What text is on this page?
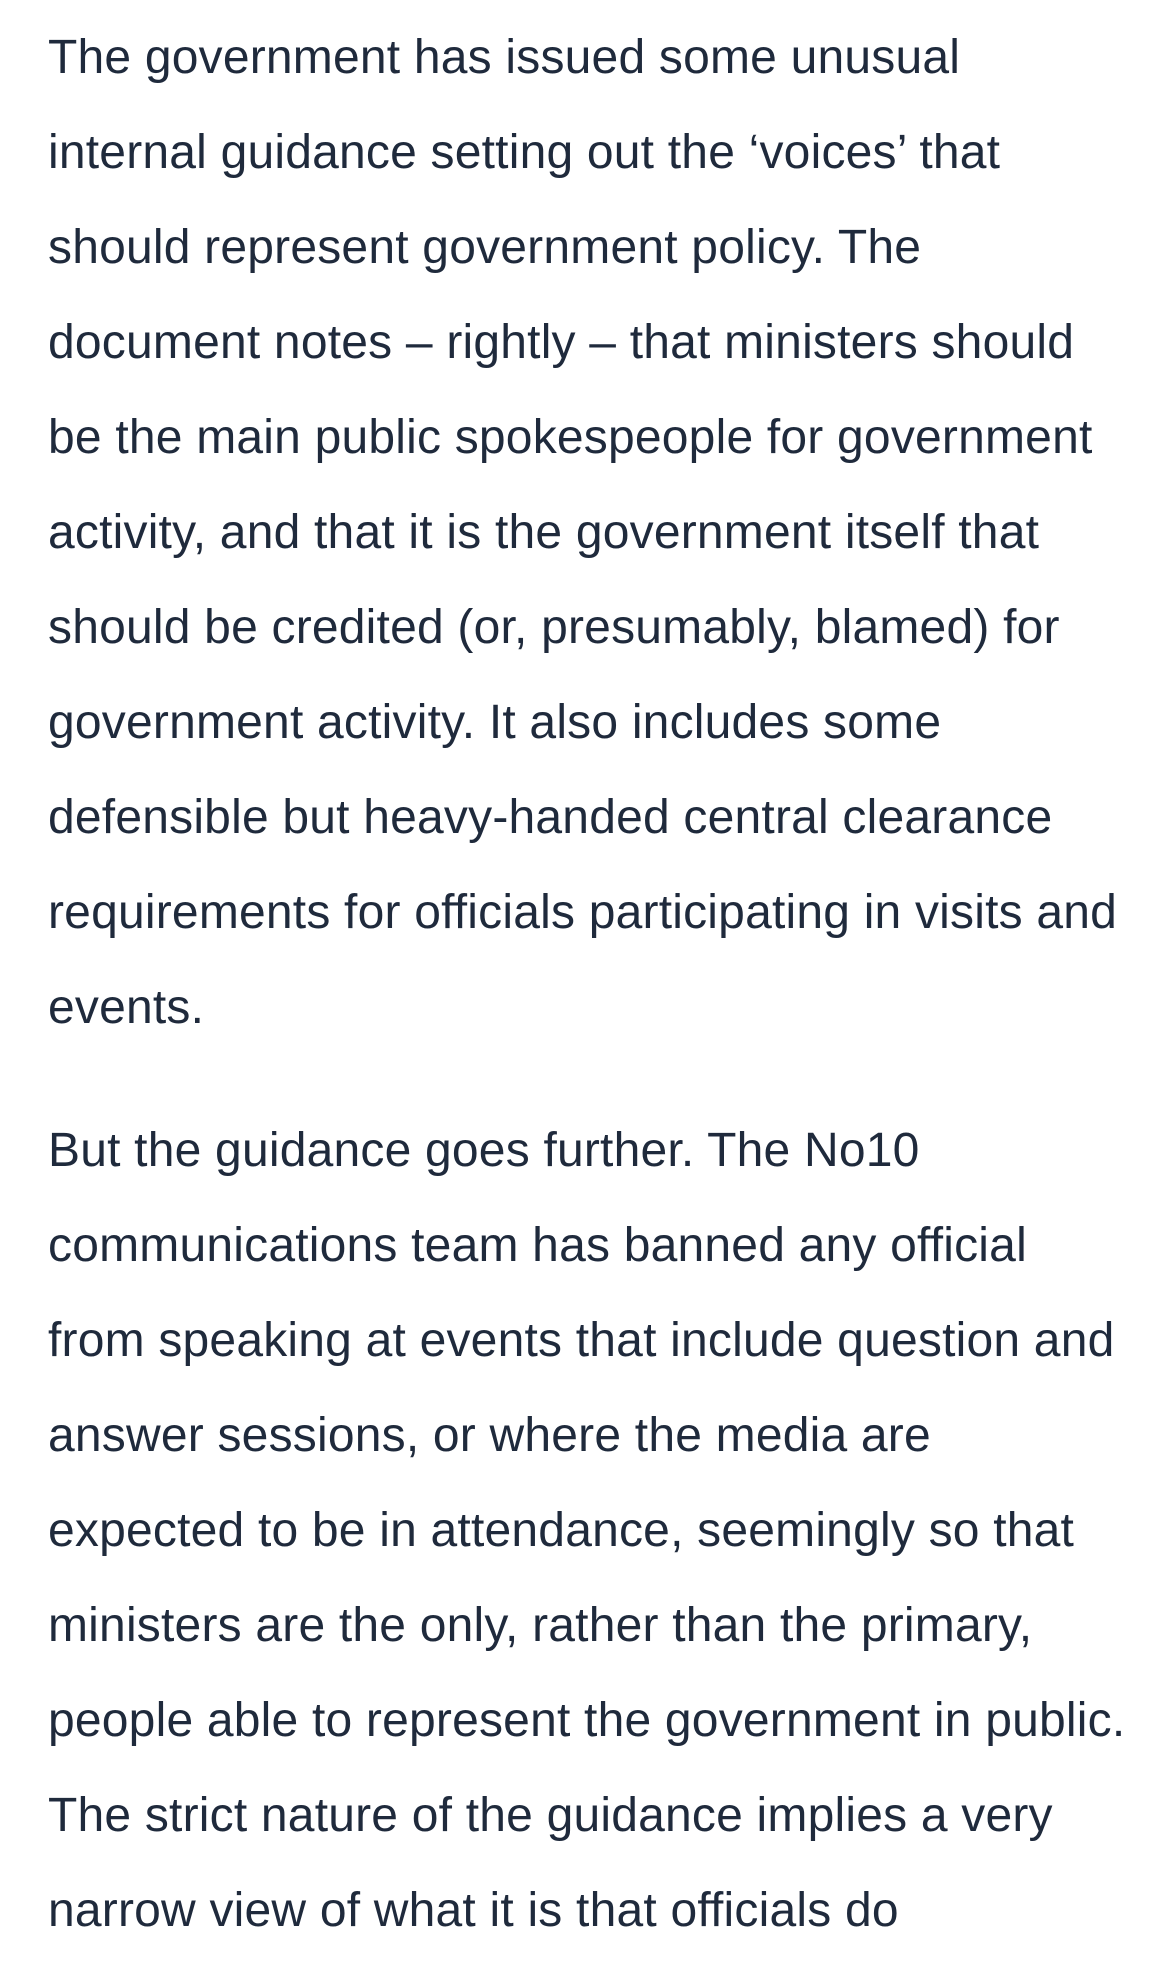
The government has issued some unusual internal guidance setting out the ‘voices’ that should represent government policy. The document notes – rightly – that ministers should be the main public spokespeople for government activity, and that it is the government itself that should be credited (or, presumably, blamed) for government activity. It also includes some defensible but heavy-handed central clearance requirements for officials participating in visits and events.

But the guidance goes further. The No10 communications team has banned any official from speaking at events that include question and answer sessions, or where the media are expected to be in attendance, seemingly so that ministers are the only, rather than the primary, people able to represent the government in public. The strict nature of the guidance implies a very narrow view of what it is that officials do
